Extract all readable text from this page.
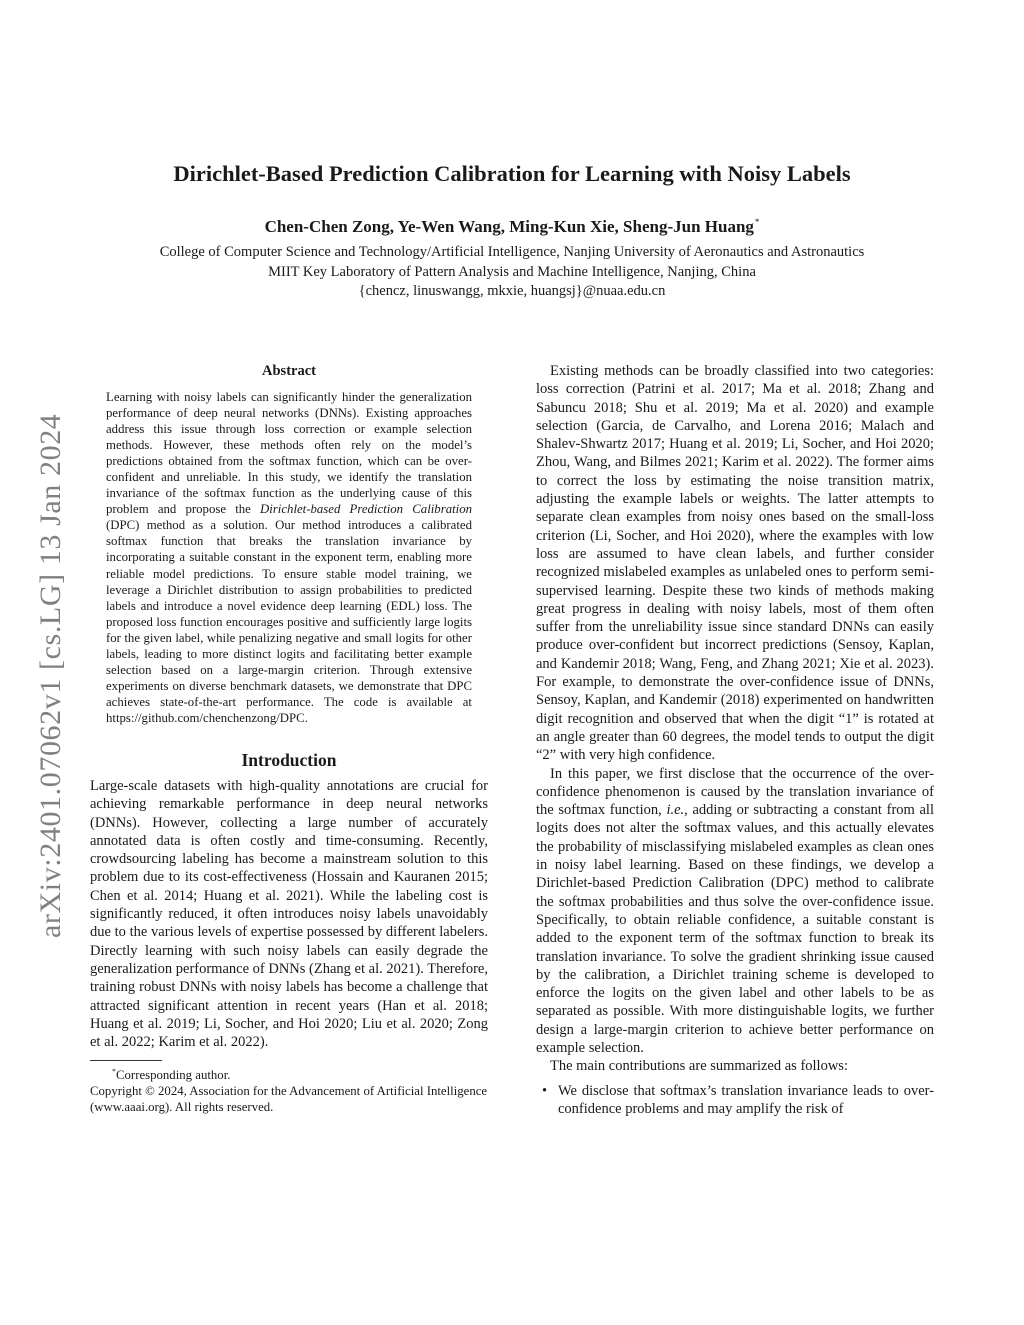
arXiv:2401.07062v1 [cs.LG] 13 Jan 2024
Dirichlet-Based Prediction Calibration for Learning with Noisy Labels
Chen-Chen Zong, Ye-Wen Wang, Ming-Kun Xie, Sheng-Jun Huang*
College of Computer Science and Technology/Artificial Intelligence, Nanjing University of Aeronautics and Astronautics
MIIT Key Laboratory of Pattern Analysis and Machine Intelligence, Nanjing, China
{chencz, linuswangg, mkxie, huangsj}@nuaa.edu.cn
Abstract

Learning with noisy labels can significantly hinder the generalization performance of deep neural networks (DNNs). Existing approaches address this issue through loss correction or example selection methods. However, these methods often rely on the model’s predictions obtained from the softmax function, which can be over-confident and unreliable. In this study, we identify the translation invariance of the softmax function as the underlying cause of this problem and propose the Dirichlet-based Prediction Calibration (DPC) method as a solution. Our method introduces a calibrated softmax function that breaks the translation invariance by incorporating a suitable constant in the exponent term, enabling more reliable model predictions. To ensure stable model training, we leverage a Dirichlet distribution to assign probabilities to predicted labels and introduce a novel evidence deep learning (EDL) loss. The proposed loss function encourages positive and sufficiently large logits for the given label, while penalizing negative and small logits for other labels, leading to more distinct logits and facilitating better example selection based on a large-margin criterion. Through extensive experiments on diverse benchmark datasets, we demonstrate that DPC achieves state-of-the-art performance. The code is available at https://github.com/chenchenzong/DPC.

Introduction

Large-scale datasets with high-quality annotations are crucial for achieving remarkable performance in deep neural networks (DNNs). However, collecting a large number of accurately annotated data is often costly and time-consuming. Recently, crowdsourcing labeling has become a mainstream solution to this problem due to its cost-effectiveness (Hossain and Kauranen 2015; Chen et al. 2014; Huang et al. 2021). While the labeling cost is significantly reduced, it often introduces noisy labels unavoidably due to the various levels of expertise possessed by different labelers. Directly learning with such noisy labels can easily degrade the generalization performance of DNNs (Zhang et al. 2021). Therefore, training robust DNNs with noisy labels has become a challenge that attracted significant attention in recent years (Han et al. 2018; Huang et al. 2019; Li, Socher, and Hoi 2020; Liu et al. 2020; Zong et al. 2022; Karim et al. 2022).

*Corresponding author.

Copyright © 2024, Association for the Advancement of Artificial Intelligence (www.aaai.org). All rights reserved.

Existing methods can be broadly classified into two categories: loss correction (Patrini et al. 2017; Ma et al. 2018; Zhang and Sabuncu 2018; Shu et al. 2019; Ma et al. 2020) and example selection (Garcia, de Carvalho, and Lorena 2016; Malach and Shalev-Shwartz 2017; Huang et al. 2019; Li, Socher, and Hoi 2020; Zhou, Wang, and Bilmes 2021; Karim et al. 2022). The former aims to correct the loss by estimating the noise transition matrix, adjusting the example labels or weights. The latter attempts to separate clean examples from noisy ones based on the small-loss criterion (Li, Socher, and Hoi 2020), where the examples with low loss are assumed to have clean labels, and further consider recognized mislabeled examples as unlabeled ones to perform semi-supervised learning. Despite these two kinds of methods making great progress in dealing with noisy labels, most of them often suffer from the unreliability issue since standard DNNs can easily produce over-confident but incorrect predictions (Sensoy, Kaplan, and Kandemir 2018; Wang, Feng, and Zhang 2021; Xie et al. 2023). For example, to demonstrate the over-confidence issue of DNNs, Sensoy, Kaplan, and Kandemir (2018) experimented on handwritten digit recognition and observed that when the digit “1” is rotated at an angle greater than 60 degrees, the model tends to output the digit “2” with very high confidence.

In this paper, we first disclose that the occurrence of the over-confidence phenomenon is caused by the translation invariance of the softmax function, i.e., adding or subtracting a constant from all logits does not alter the softmax values, and this actually elevates the probability of misclassifying mislabeled examples as clean ones in noisy label learning. Based on these findings, we develop a Dirichlet-based Prediction Calibration (DPC) method to calibrate the softmax probabilities and thus solve the over-confidence issue. Specifically, to obtain reliable confidence, a suitable constant is added to the exponent term of the softmax function to break its translation invariance. To solve the gradient shrinking issue caused by the calibration, a Dirichlet training scheme is developed to enforce the logits on the given label and other labels to be as separated as possible. With more distinguishable logits, we further design a large-margin criterion to achieve better performance on example selection.

The main contributions are summarized as follows:

• We disclose that softmax’s translation invariance leads to over-confidence problems and may amplify the risk of
